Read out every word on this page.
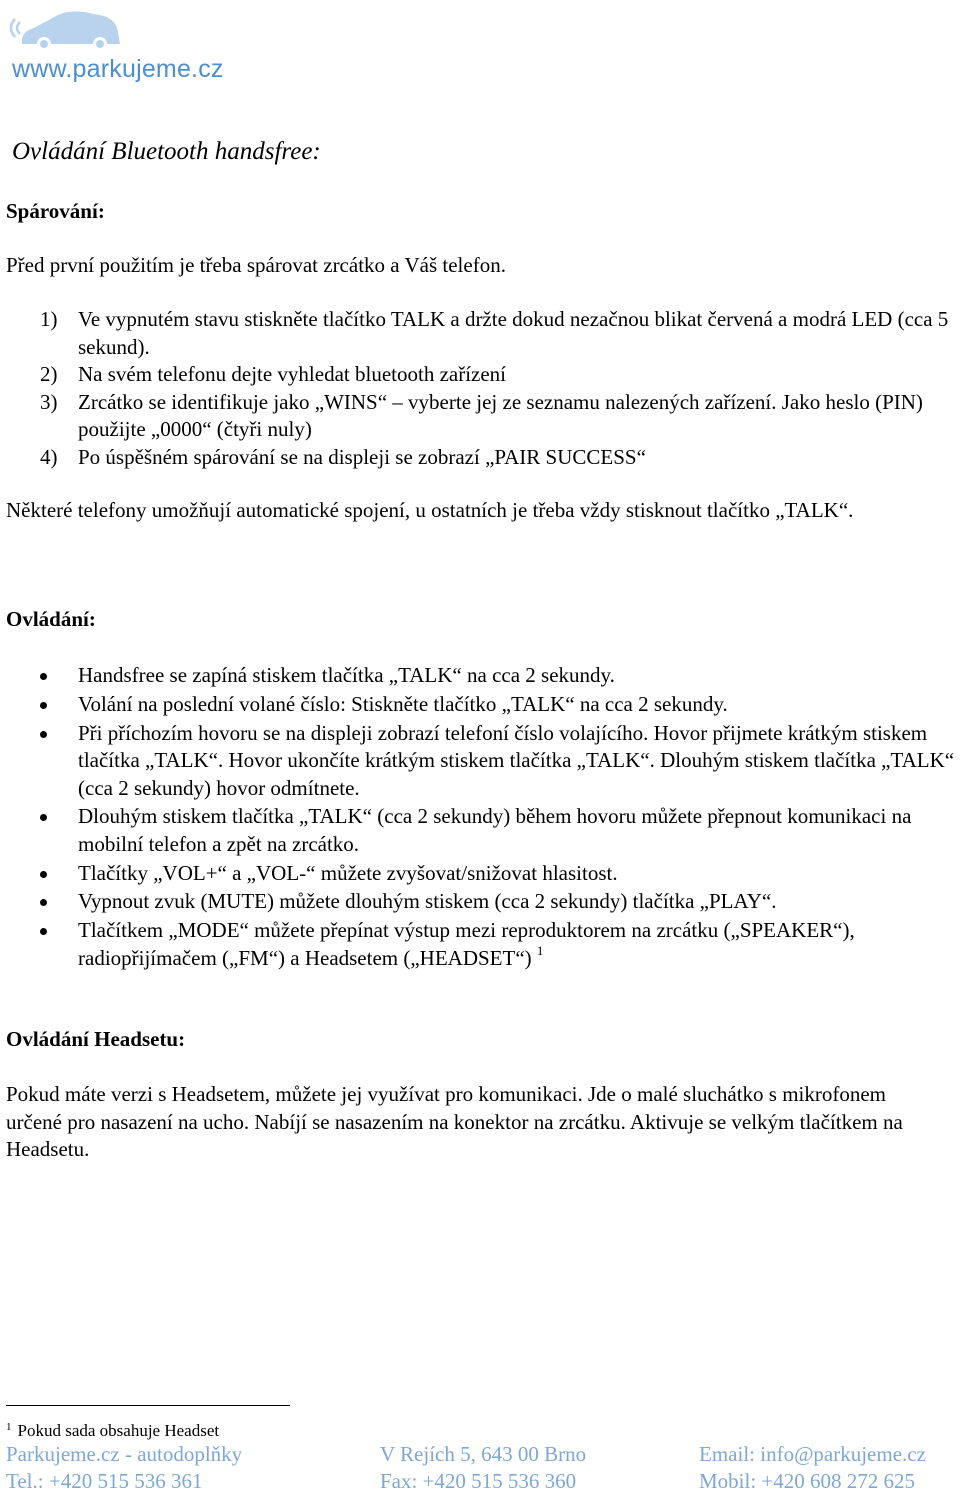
www.parkujeme.cz
Ovládání Bluetooth handsfree:
Spárování:
Před první použitím je třeba spárovat zrcátko a Váš telefon.
1) Ve vypnutém stavu stiskněte tlačítko TALK a držte dokud nezačnou blikat červená a modrá LED (cca 5 sekund).
2) Na svém telefonu dejte vyhledat bluetooth zařízení
3) Zrcátko se identifikuje jako „WINS“ – vyberte jej ze seznamu nalezených zařízení. Jako heslo (PIN) použijte „0000“ (čtyři nuly)
4) Po úspěšném spárování se na displeji se zobrazí „PAIR SUCCESS“
Některé telefony umožňují automatické spojení, u ostatních je třeba vždy stisknout tlačítko „TALK“.
Ovládání:
Handsfree se zapíná stiskem tlačítka „TALK“ na cca 2 sekundy.
Volání na poslední volané číslo: Stiskněte tlačítko „TALK“ na cca 2 sekundy.
Při příchozím hovoru se na displeji zobrazí telefoní číslo volajícího. Hovor přijmete krátkým stiskem tlačítka „TALK“. Hovor ukončíte krátkým stiskem tlačítka „TALK“. Dlouhým stiskem tlačítka „TALK“ (cca 2 sekundy) hovor odmítnete.
Dlouhým stiskem tlačítka „TALK“ (cca 2 sekundy) během hovoru můžete přepnout komunikaci na mobilní telefon a zpět na zrcátko.
Tlačítky „VOL+“ a „VOL-“ můžete zvyšovat/snižovat hlasitost.
Vypnout zvuk (MUTE) můžete dlouhým stiskem (cca 2 sekundy) tlačítka „PLAY“.
Tlačítkem „MODE“ můžete přepínat výstup mezi reproduktorem na zrcátku („SPEAKER“), radiopřijímačem („FM“) a Headsetem („HEADSET“) $^1$
Ovládání Headsetu:
Pokud máte verzi s Headsetem, můžete jej využívat pro komunikaci. Jde o malé sluchátko s mikrofonem určené pro nasazení na ucho. Nabíjí se nasazením na konektor na zrcátku. Aktivuje se velkým tlačítkem na Headsetu.
$^1$ Pokud sada obsahuje Headset
Parkujeme.cz - autodoplňky	V Rejích 5, 643 00 Brno	Email: info@parkujeme.cz
Tel.: +420 515 536 361	Fax: +420 515 536 360	Mobil: +420 608 272 625
